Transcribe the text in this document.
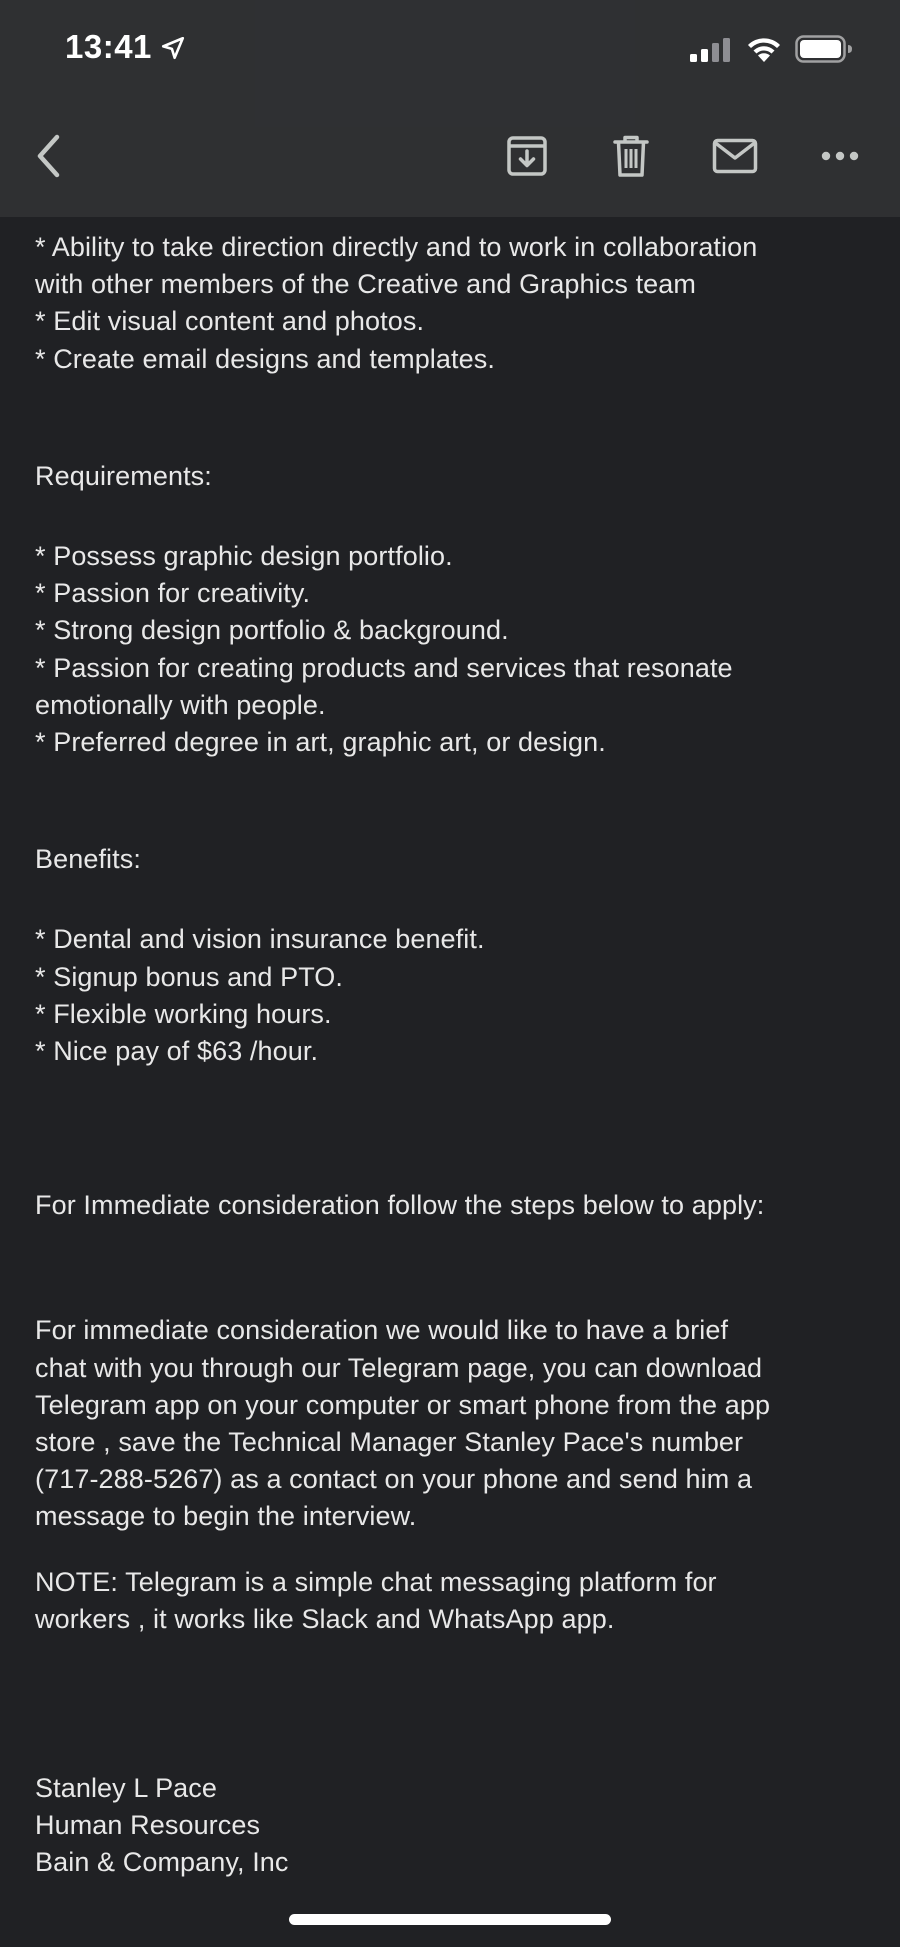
* Ability to take direction directly and to work in collaboration
with other members of the Creative and Graphics team
* Edit visual content and photos.
* Create email designs and templates.
Requirements:
* Possess graphic design portfolio.
* Passion for creativity.
* Strong design portfolio & background.
* Passion for creating products and services that resonate
emotionally with people.
* Preferred degree in art, graphic art, or design.
Benefits:
* Dental and vision insurance benefit.
* Signup bonus and PTO.
* Flexible working hours.
* Nice pay of $63 /hour.
For Immediate consideration follow the steps below to apply:
For immediate consideration we would like to have a brief
chat with you through our Telegram page, you can download
Telegram app on your computer or smart phone from the app
store , save the Technical Manager Stanley Pace's number
(717-288-5267) as a contact on your phone and send him a
message to begin the interview.
NOTE: Telegram is a simple chat messaging platform for
workers , it works like Slack and WhatsApp app.
Stanley L Pace
Human Resources
Bain & Company, Inc
13:41
